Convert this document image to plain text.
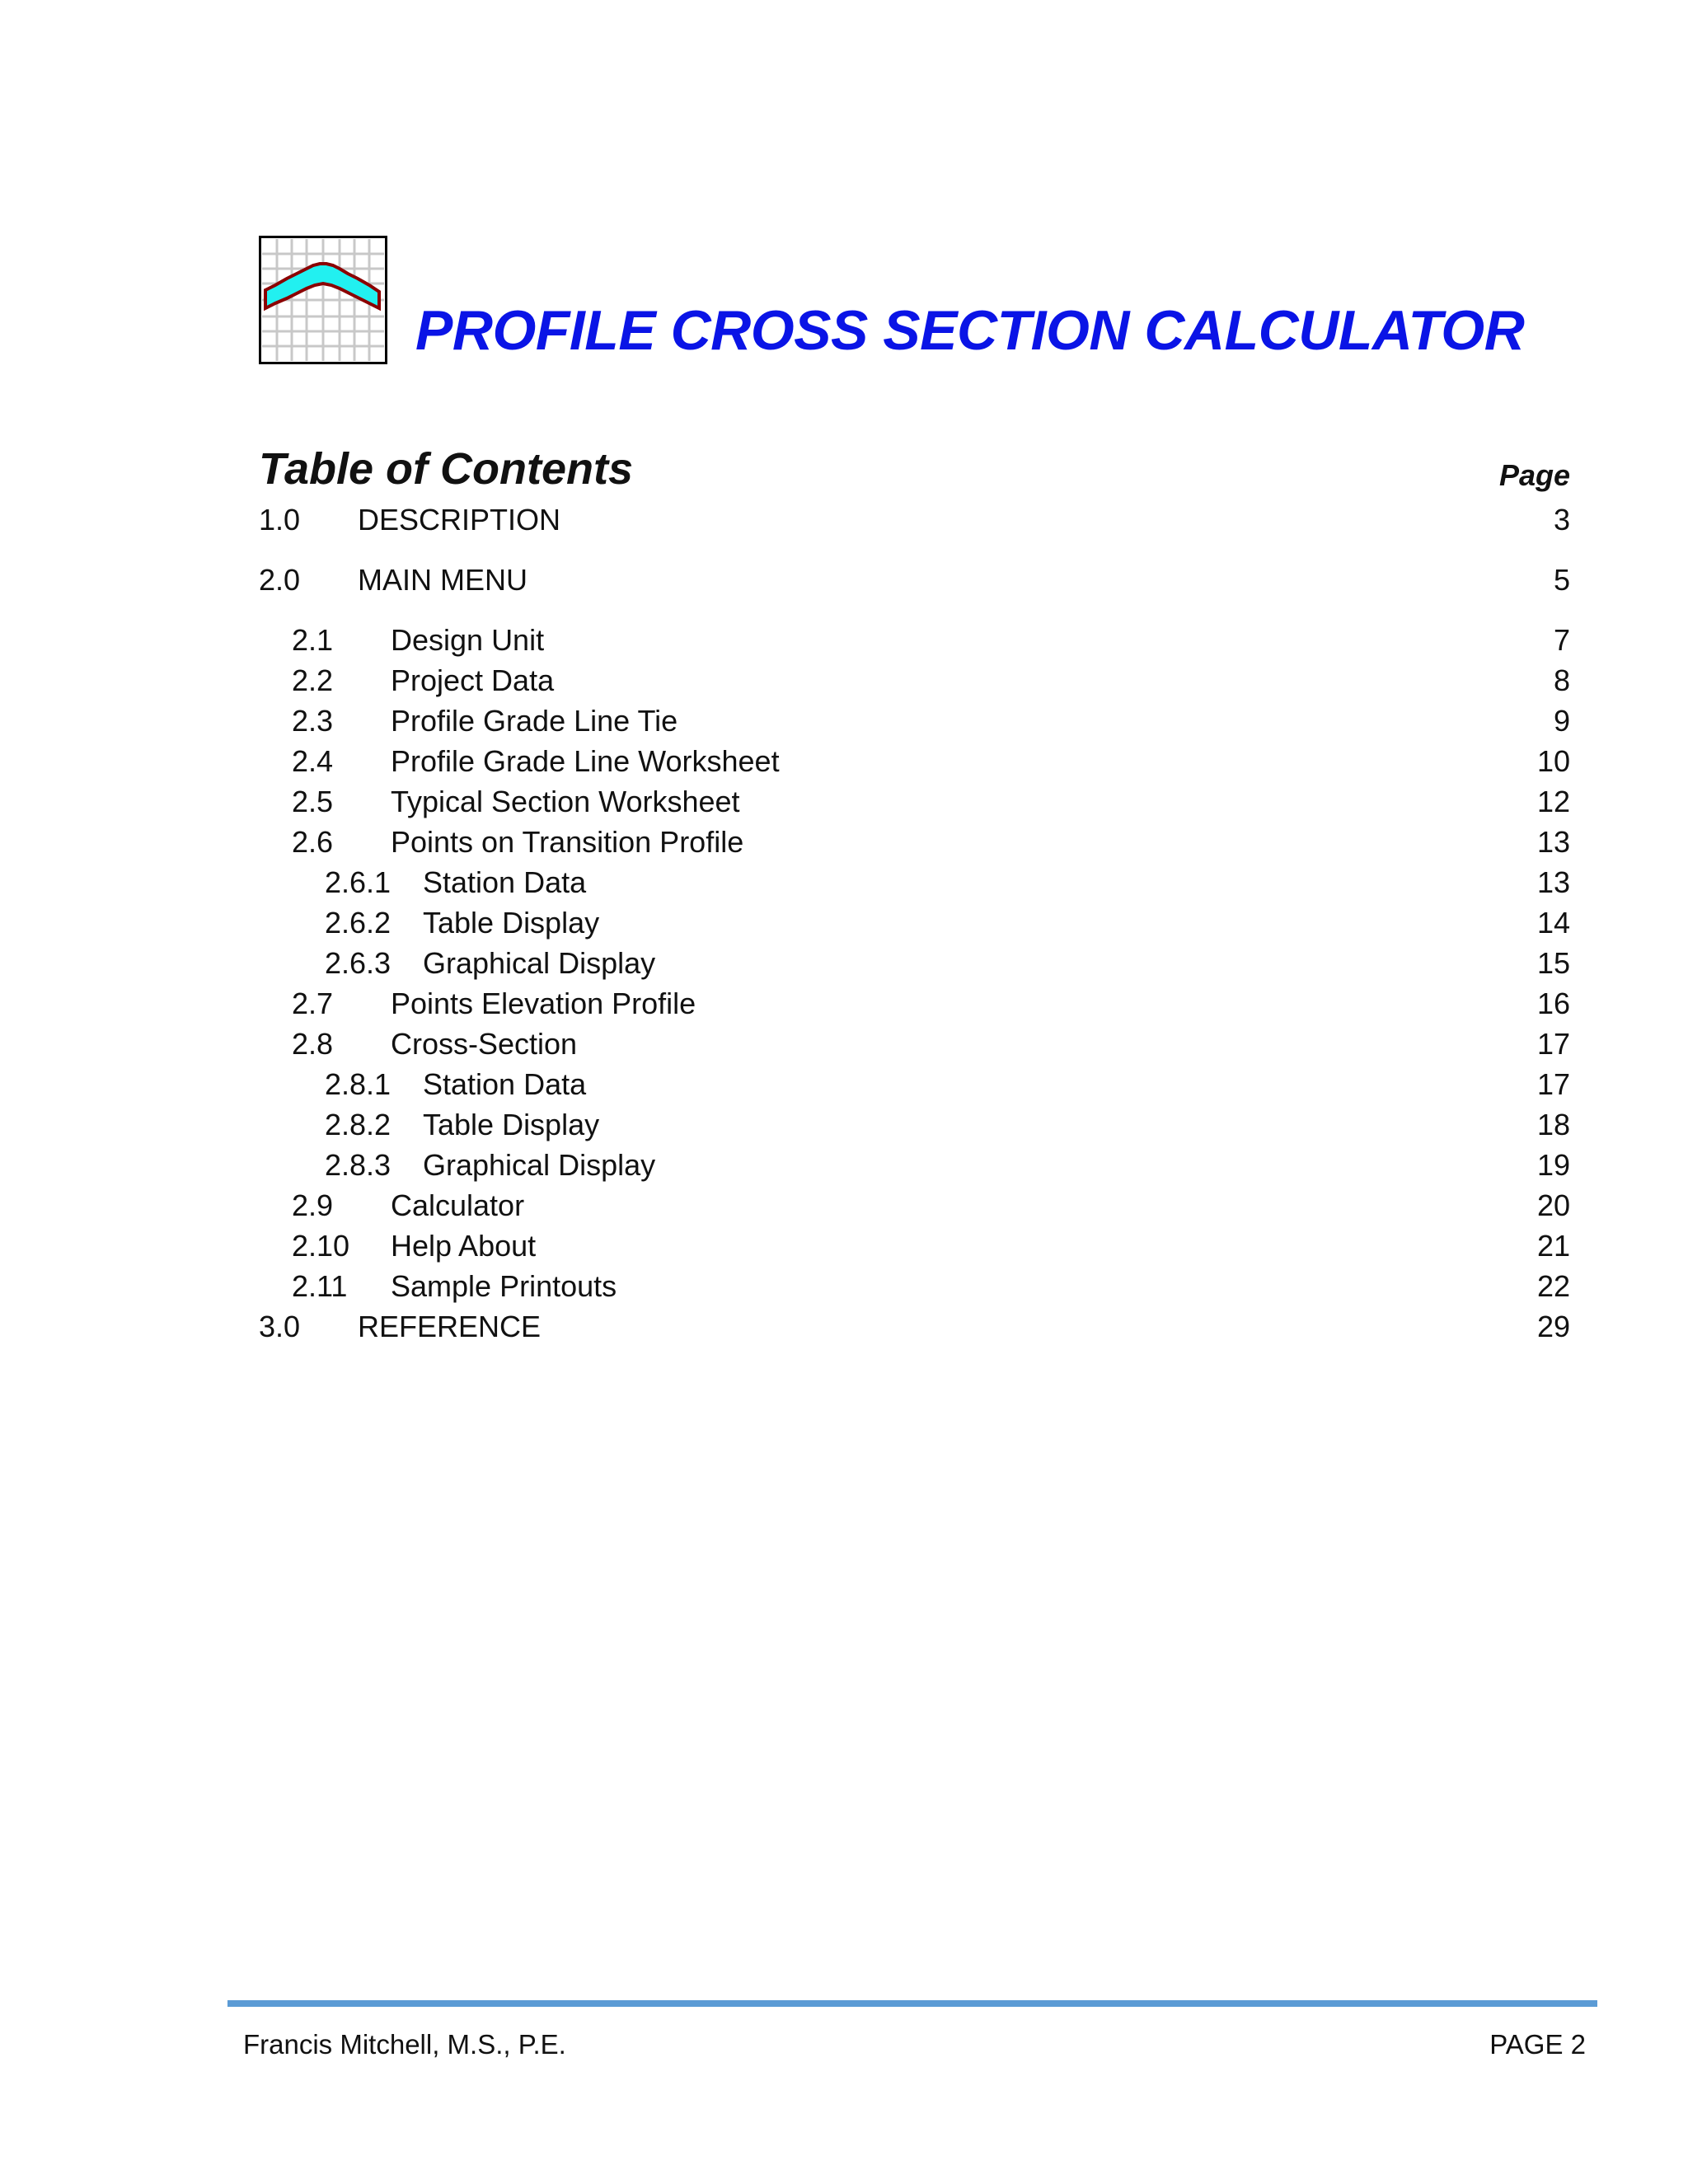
PROFILE CROSS SECTION CALCULATOR
Table of Contents	Page
1.0 DESCRIPTION	3
2.0 MAIN MENU	5
2.1 Design Unit	7
2.2 Project Data	8
2.3 Profile Grade Line Tie	9
2.4 Profile Grade Line Worksheet	10
2.5 Typical Section Worksheet	12
2.6 Points on Transition Profile	13
2.6.1 Station Data	13
2.6.2 Table Display	14
2.6.3 Graphical Display	15
2.7 Points Elevation Profile	16
2.8 Cross-Section	17
2.8.1 Station Data	17
2.8.2 Table Display	18
2.8.3 Graphical Display	19
2.9 Calculator	20
2.10 Help About	21
2.11 Sample Printouts	22
3.0 REFERENCE	29
Francis Mitchell, M.S., P.E.	PAGE 2
